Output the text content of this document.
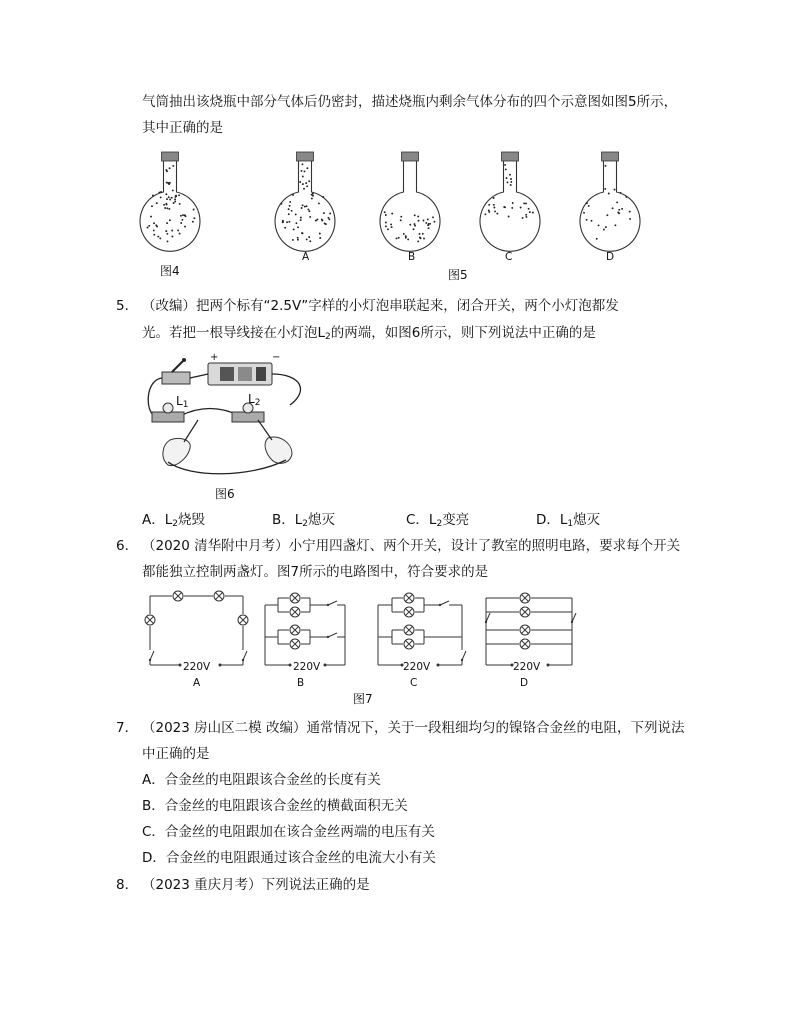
气筒抽出该烧瓶中部分气体后仍密封，描述烧瓶内剩余气体分布的四个示意图如图5所示，
其中正确的是
图4	图5
A	B	C	D
5． （改编）把两个标有“2.5V”字样的小灯泡串联起来，闭合开关，两个小灯泡都发
光。若把一根导线接在小灯泡$L_2$的两端，如图6所示，则下列说法中正确的是
+	−
$L_1$	$L_2$
图6
A．$L_2$烧毁	B．$L_2$熄灭	C．$L_2$变亮	D．$L_1$熄灭
6． （2020 清华附中月考）小宁用四盏灯、两个开关，设计了教室的照明电路，要求每个开关
都能独立控制两盏灯。图7所示的电路图中，符合要求的是
220V	220V	220V	220V
A	B	C	D
图7
7． （2023 房山区二模 改编）通常情况下，关于一段粗细均匀的镍铬合金丝的电阻，下列说法
中正确的是
A．合金丝的电阻跟该合金丝的长度有关
B．合金丝的电阻跟该合金丝的横截面积无关
C．合金丝的电阻跟加在该合金丝两端的电压有关
D．合金丝的电阻跟通过该合金丝的电流大小有关
8． （2023 重庆月考）下列说法正确的是
